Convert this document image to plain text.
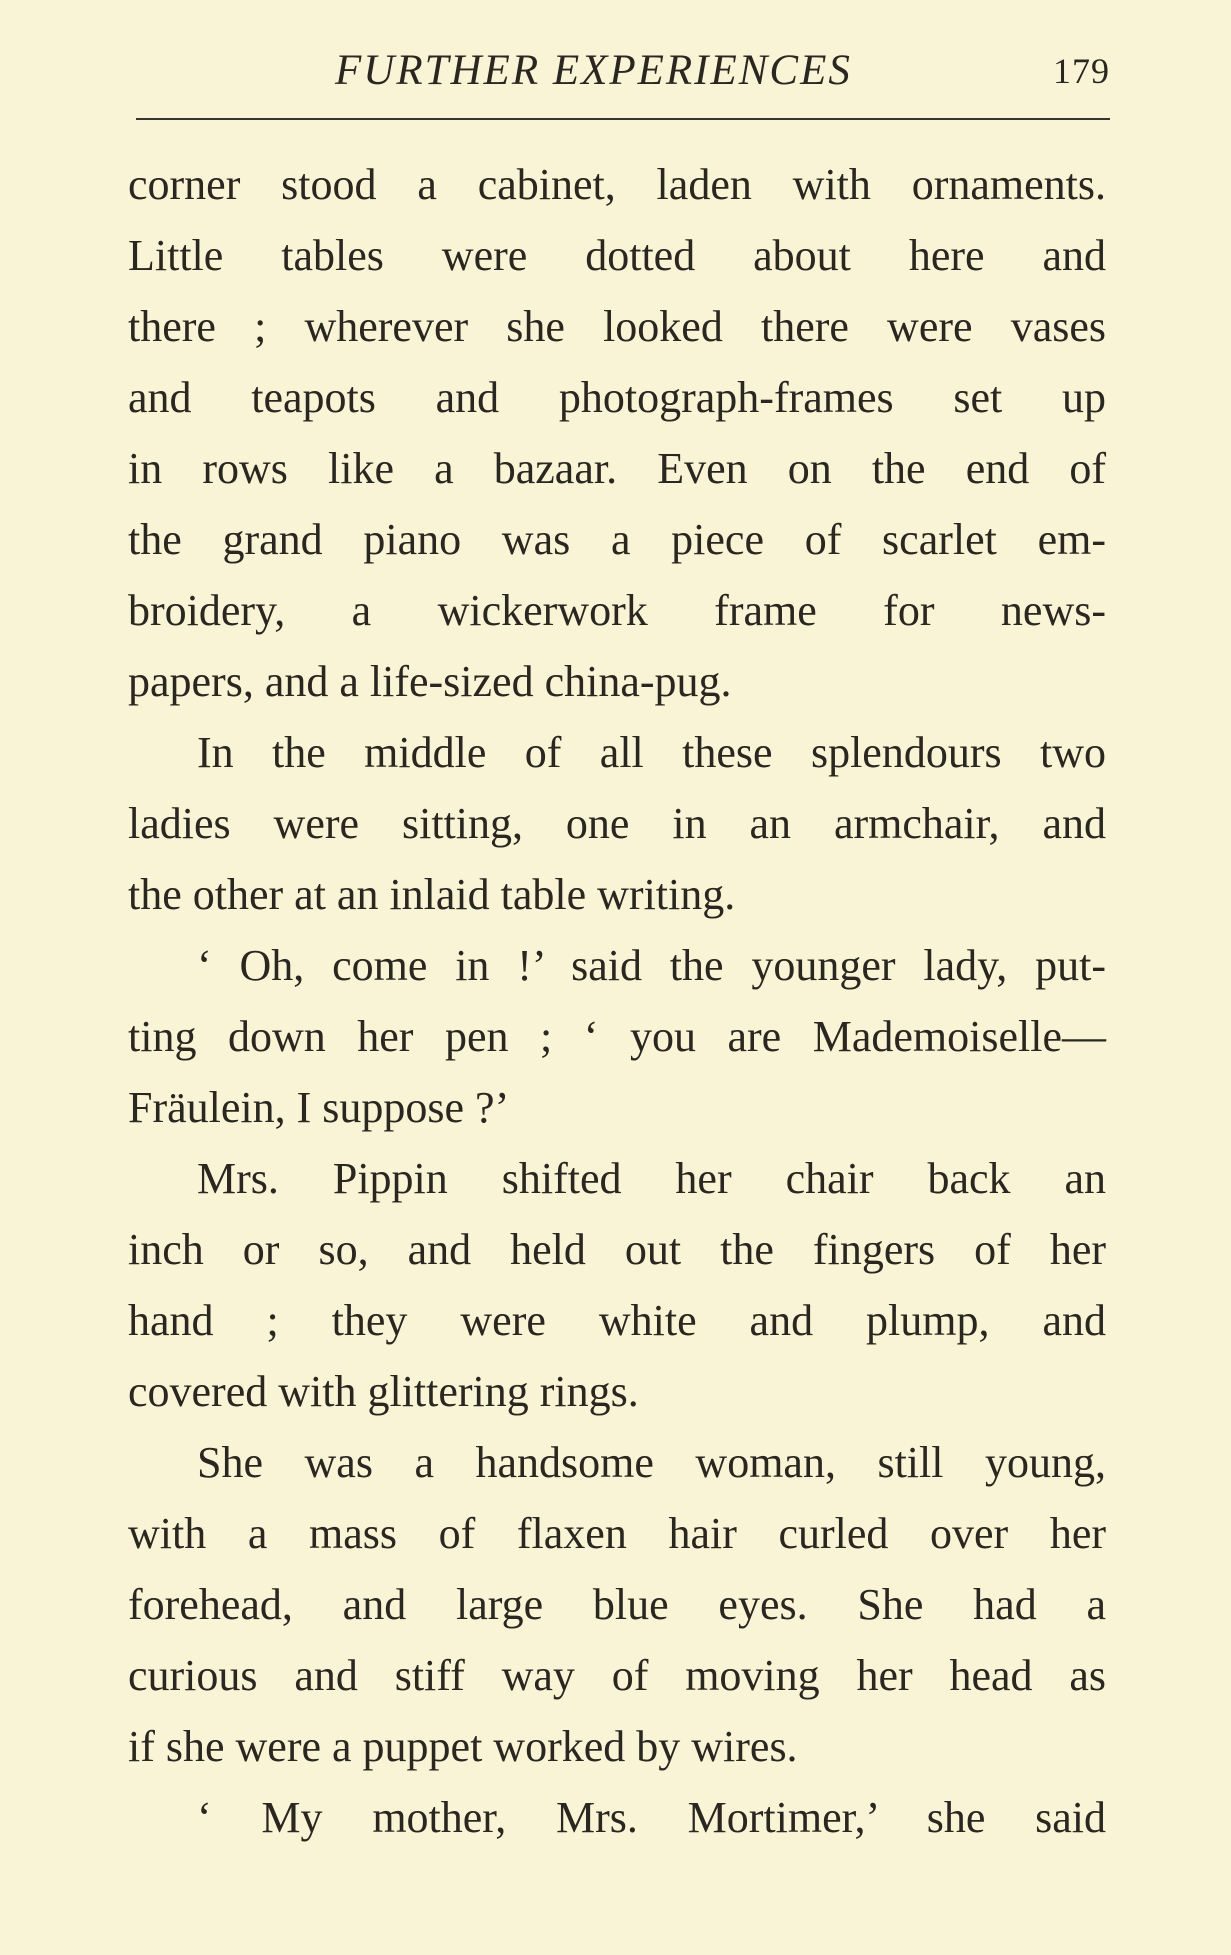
FURTHER EXPERIENCES	179
corner stood a cabinet, laden with ornaments.
Little tables were dotted about here and
there ; wherever she looked there were vases
and teapots and photograph-frames set up
in rows like a bazaar. Even on the end of
the grand piano was a piece of scarlet em-
broidery, a wickerwork frame for news-
papers, and a life-sized china-pug.
In the middle of all these splendours two
ladies were sitting, one in an armchair, and
the other at an inlaid table writing.
‘ Oh, come in !’ said the younger lady, put-
ting down her pen ; ‘ you are Mademoiselle—
Fräulein, I suppose ?’
Mrs. Pippin shifted her chair back an
inch or so, and held out the fingers of her
hand ; they were white and plump, and
covered with glittering rings.
She was a handsome woman, still young,
with a mass of flaxen hair curled over her
forehead, and large blue eyes. She had a
curious and stiff way of moving her head as
if she were a puppet worked by wires.
‘ My mother, Mrs. Mortimer,’ she said
